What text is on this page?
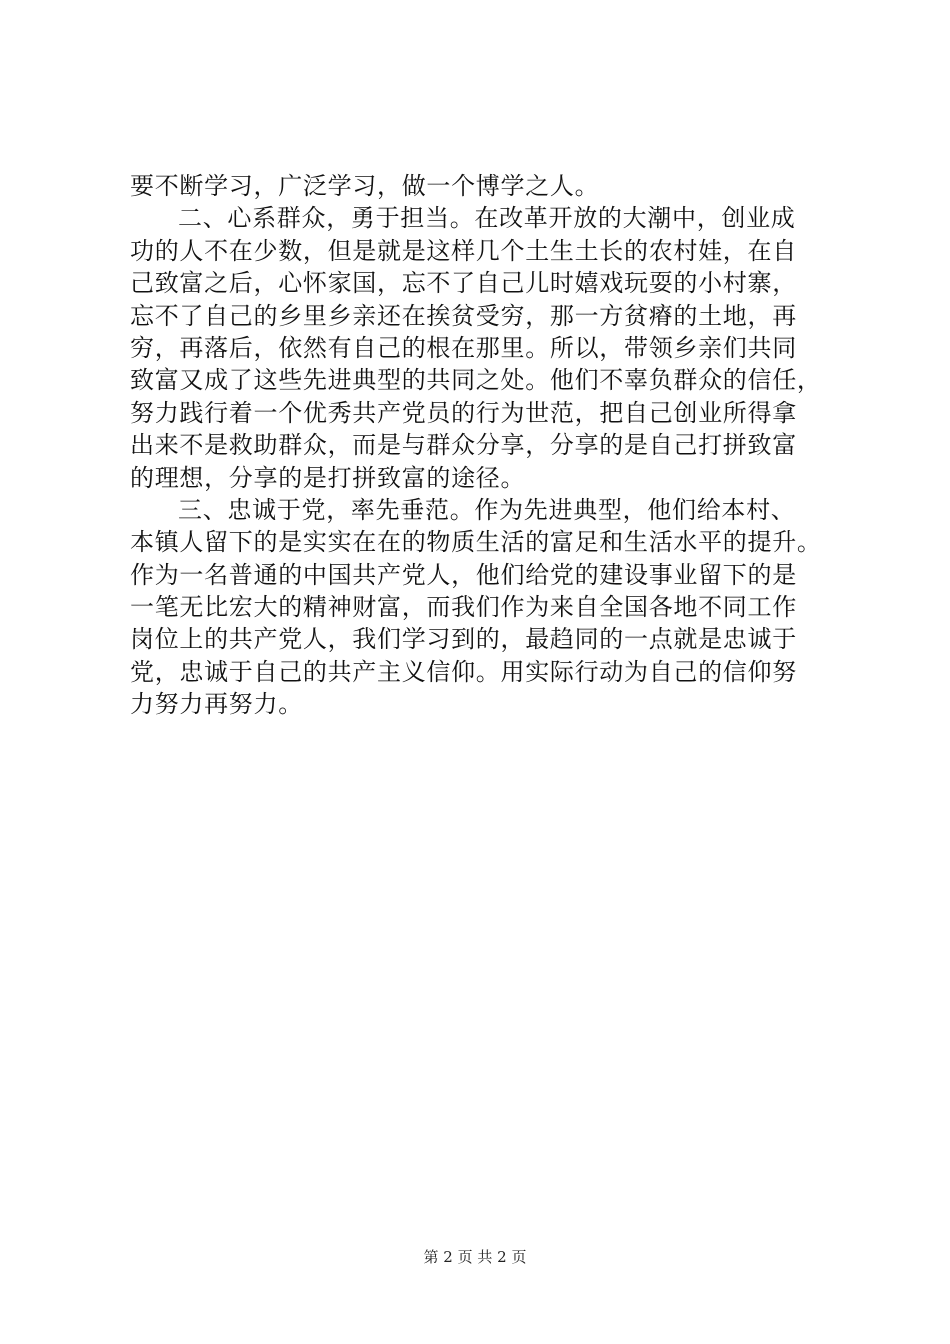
要不断学习，广泛学习，做一个博学之人。
二、心系群众，勇于担当。在改革开放的大潮中，创业成
功的人不在少数，但是就是这样几个土生土长的农村娃，在自
己致富之后，心怀家国，忘不了自己儿时嬉戏玩耍的小村寨，
忘不了自己的乡里乡亲还在挨贫受穷，那一方贫瘠的土地，再
穷，再落后，依然有自己的根在那里。所以，带领乡亲们共同
致富又成了这些先进典型的共同之处。他们不辜负群众的信任，
努力践行着一个优秀共产党员的行为世范，把自己创业所得拿
出来不是救助群众，而是与群众分享，分享的是自己打拼致富
的理想，分享的是打拼致富的途径。
三、忠诚于党，率先垂范。作为先进典型，他们给本村、
本镇人留下的是实实在在的物质生活的富足和生活水平的提升。
作为一名普通的中国共产党人，他们给党的建设事业留下的是
一笔无比宏大的精神财富，而我们作为来自全国各地不同工作
岗位上的共产党人，我们学习到的，最趋同的一点就是忠诚于
党，忠诚于自己的共产主义信仰。用实际行动为自己的信仰努
力努力再努力。
第 2 页 共 2 页
